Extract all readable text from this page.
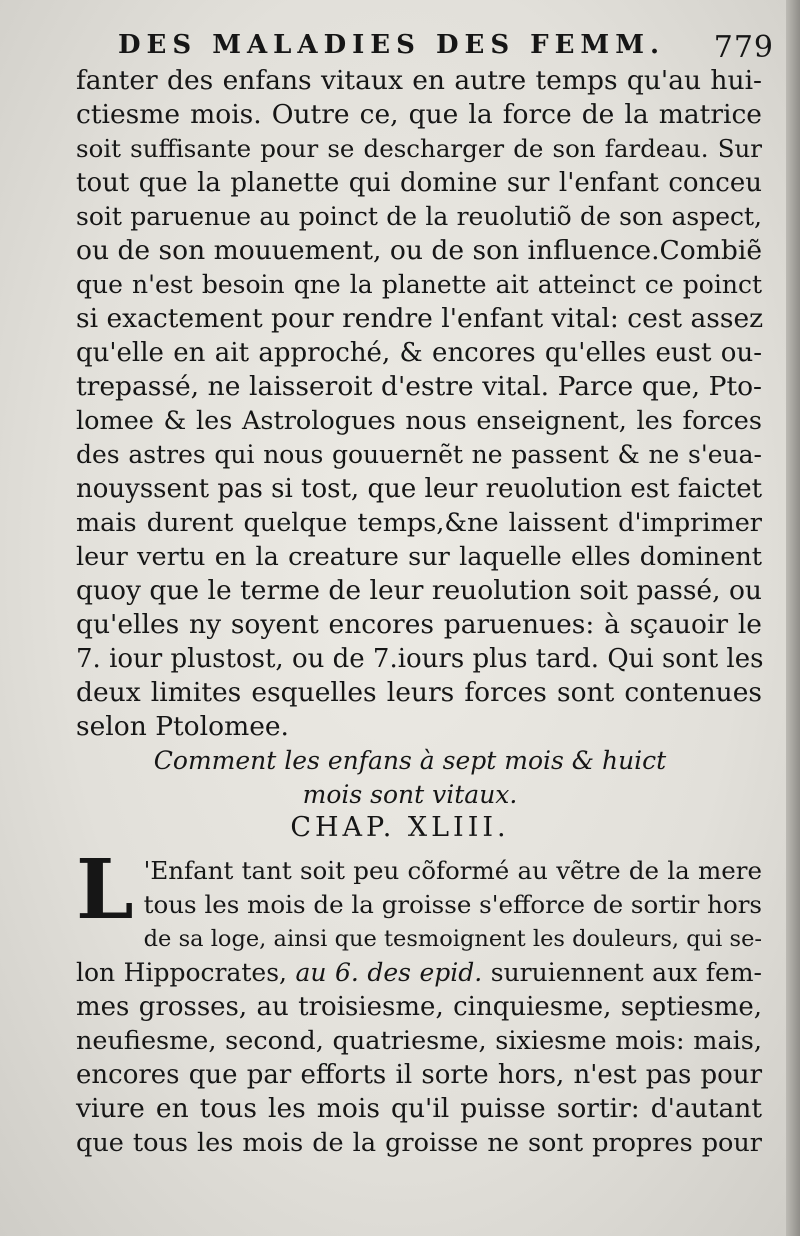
DES MALADIES DES FEMM. 779
fanter des enfans vitaux en autre temps qu'au hui-
ctiesme mois. Outre ce, que la force de la matrice
soit suffisante pour se descharger de son fardeau. Sur
tout que la planette qui domine sur l'enfant conceu
soit paruenue au poinct de la reuolutiõ de son aspect,
ou de son mouuement, ou de son influence.Combiẽ
que n'est besoin qne la planette ait atteinct ce poinct
si exactement pour rendre l'enfant vital: cest assez
qu'elle en ait approché, & encores qu'elles eust ou-
trepassé, ne laisseroit d'estre vital. Parce que, Pto-
lomee & les Astrologues nous enseignent, les forces
des astres qui nous gouuernẽt ne passent & ne s'eua-
nouyssent pas si tost, que leur reuolution est faictet
mais durent quelque temps,&ne laissent d'imprimer
leur vertu en la creature sur laquelle elles dominent
quoy que le terme de leur reuolution soit passé, ou
qu'elles ny soyent encores paruenues: à sçauoir le
7. iour plustost, ou de 7.iours plus tard. Qui sont les
deux limites esquelles leurs forces sont contenues
selon Ptolomee.
Comment les enfans à sept mois & huict
mois sont vitaux.
CHAP. XLIII.
L 'Enfant tant soit peu cõformé au vẽtre de la mere
tous les mois de la groisse s'efforce de sortir hors
de sa loge, ainsi que tesmoignent les douleurs, qui se-
lon Hippocrates, au 6. des epid. suruiennent aux fem-
mes grosses, au troisiesme, cinquiesme, septiesme,
neufiesme, second, quatriesme, sixiesme mois: mais,
encores que par efforts il sorte hors, n'est pas pour
viure en tous les mois qu'il puisse sortir: d'autant
que tous les mois de la groisse ne sont propres pour
